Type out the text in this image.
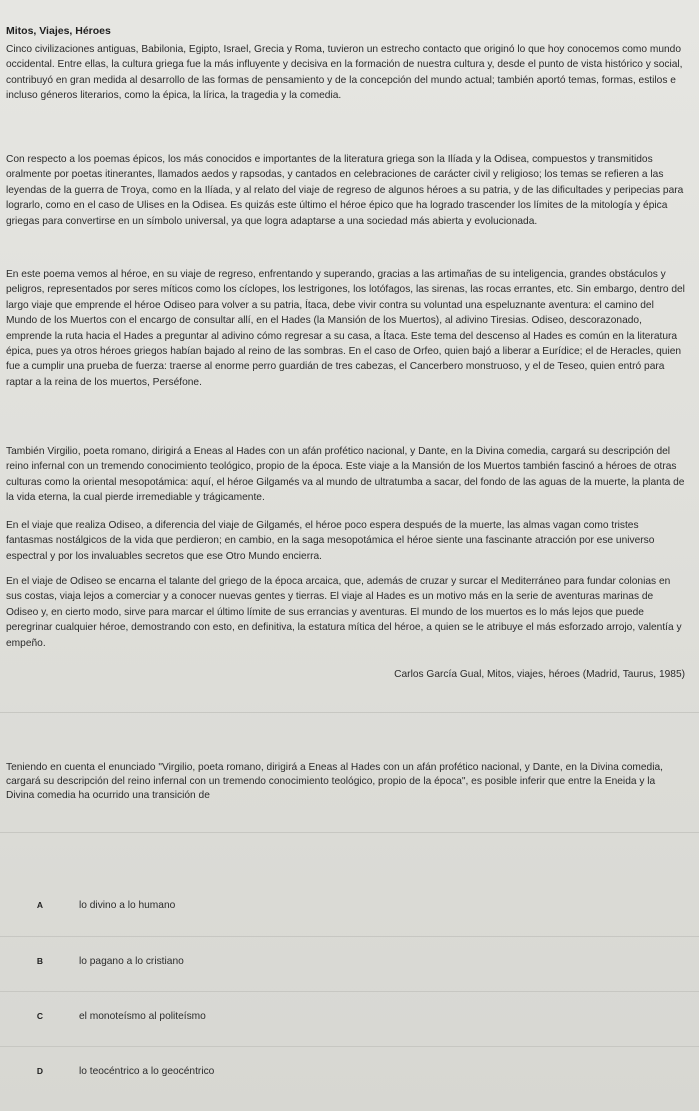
Mitos, Viajes, Héroes
Cinco civilizaciones antiguas, Babilonia, Egipto, Israel, Grecia y Roma, tuvieron un estrecho contacto que originó lo que hoy conocemos como mundo occidental. Entre ellas, la cultura griega fue la más influyente y decisiva en la formación de nuestra cultura y, desde el punto de vista histórico y social, contribuyó en gran medida al desarrollo de las formas de pensamiento y de la concepción del mundo actual; también aportó temas, formas, estilos e incluso géneros literarios, como la épica, la lírica, la tragedia y la comedia.
Con respecto a los poemas épicos, los más conocidos e importantes de la literatura griega son la Ilíada y la Odisea, compuestos y transmitidos oralmente por poetas itinerantes, llamados aedos y rapsodas, y cantados en celebraciones de carácter civil y religioso; los temas se refieren a las leyendas de la guerra de Troya, como en la Ilíada, y al relato del viaje de regreso de algunos héroes a su patria, y de las dificultades y peripecias para lograrlo, como en el caso de Ulises en la Odisea. Es quizás este último el héroe épico que ha logrado trascender los límites de la mitología y épica griegas para convertirse en un símbolo universal, ya que logra adaptarse a una sociedad más abierta y evolucionada.
En este poema vemos al héroe, en su viaje de regreso, enfrentando y superando, gracias a las artimañas de su inteligencia, grandes obstáculos y peligros, representados por seres míticos como los cíclopes, los lestrigones, los lotófagos, las sirenas, las rocas errantes, etc. Sin embargo, dentro del largo viaje que emprende el héroe Odiseo para volver a su patria, Ítaca, debe vivir contra su voluntad una espeluznante aventura: el camino del Mundo de los Muertos con el encargo de consultar allí, en el Hades (la Mansión de los Muertos), al adivino Tiresias. Odiseo, descorazonado, emprende la ruta hacia el Hades a preguntar al adivino cómo regresar a su casa, a Ítaca. Este tema del descenso al Hades es común en la literatura épica, pues ya otros héroes griegos habían bajado al reino de las sombras. En el caso de Orfeo, quien bajó a liberar a Eurídice; el de Heracles, quien fue a cumplir una prueba de fuerza: traerse al enorme perro guardián de tres cabezas, el Cancerbero monstruoso, y el de Teseo, quien entró para raptar a la reina de los muertos, Perséfone.
También Virgilio, poeta romano, dirigirá a Eneas al Hades con un afán profético nacional, y Dante, en la Divina comedia, cargará su descripción del reino infernal con un tremendo conocimiento teológico, propio de la época. Este viaje a la Mansión de los Muertos también fascinó a héroes de otras culturas como la oriental mesopotámica: aquí, el héroe Gilgamés va al mundo de ultratumba a sacar, del fondo de las aguas de la muerte, la planta de la vida eterna, la cual pierde irremediable y trágicamente.
En el viaje que realiza Odiseo, a diferencia del viaje de Gilgamés, el héroe poco espera después de la muerte, las almas vagan como tristes fantasmas nostálgicos de la vida que perdieron; en cambio, en la saga mesopotámica el héroe siente una fascinante atracción por ese universo espectral y por los invaluables secretos que ese Otro Mundo encierra.
En el viaje de Odiseo se encarna el talante del griego de la época arcaica, que, además de cruzar y surcar el Mediterráneo para fundar colonias en sus costas, viaja lejos a comerciar y a conocer nuevas gentes y tierras. El viaje al Hades es un motivo más en la serie de aventuras marinas de Odiseo y, en cierto modo, sirve para marcar el último límite de sus errancias y aventuras. El mundo de los muertos es lo más lejos que puede peregrinar cualquier héroe, demostrando con esto, en definitiva, la estatura mítica del héroe, a quien se le atribuye el más esforzado arrojo, valentía y empeño.
Carlos García Gual, Mitos, viajes, héroes (Madrid, Taurus, 1985)
Teniendo en cuenta el enunciado "Virgilio, poeta romano, dirigirá a Eneas al Hades con un afán profético nacional, y Dante, en la Divina comedia, cargará su descripción del reino infernal con un tremendo conocimiento teológico, propio de la época", es posible inferir que entre la Eneida y la Divina comedia ha ocurrido una transición de
A	lo divino a lo humano
B	lo pagano a lo cristiano
C	el monoteísmo al politeísmo
D	lo teocéntrico a lo geocéntrico
